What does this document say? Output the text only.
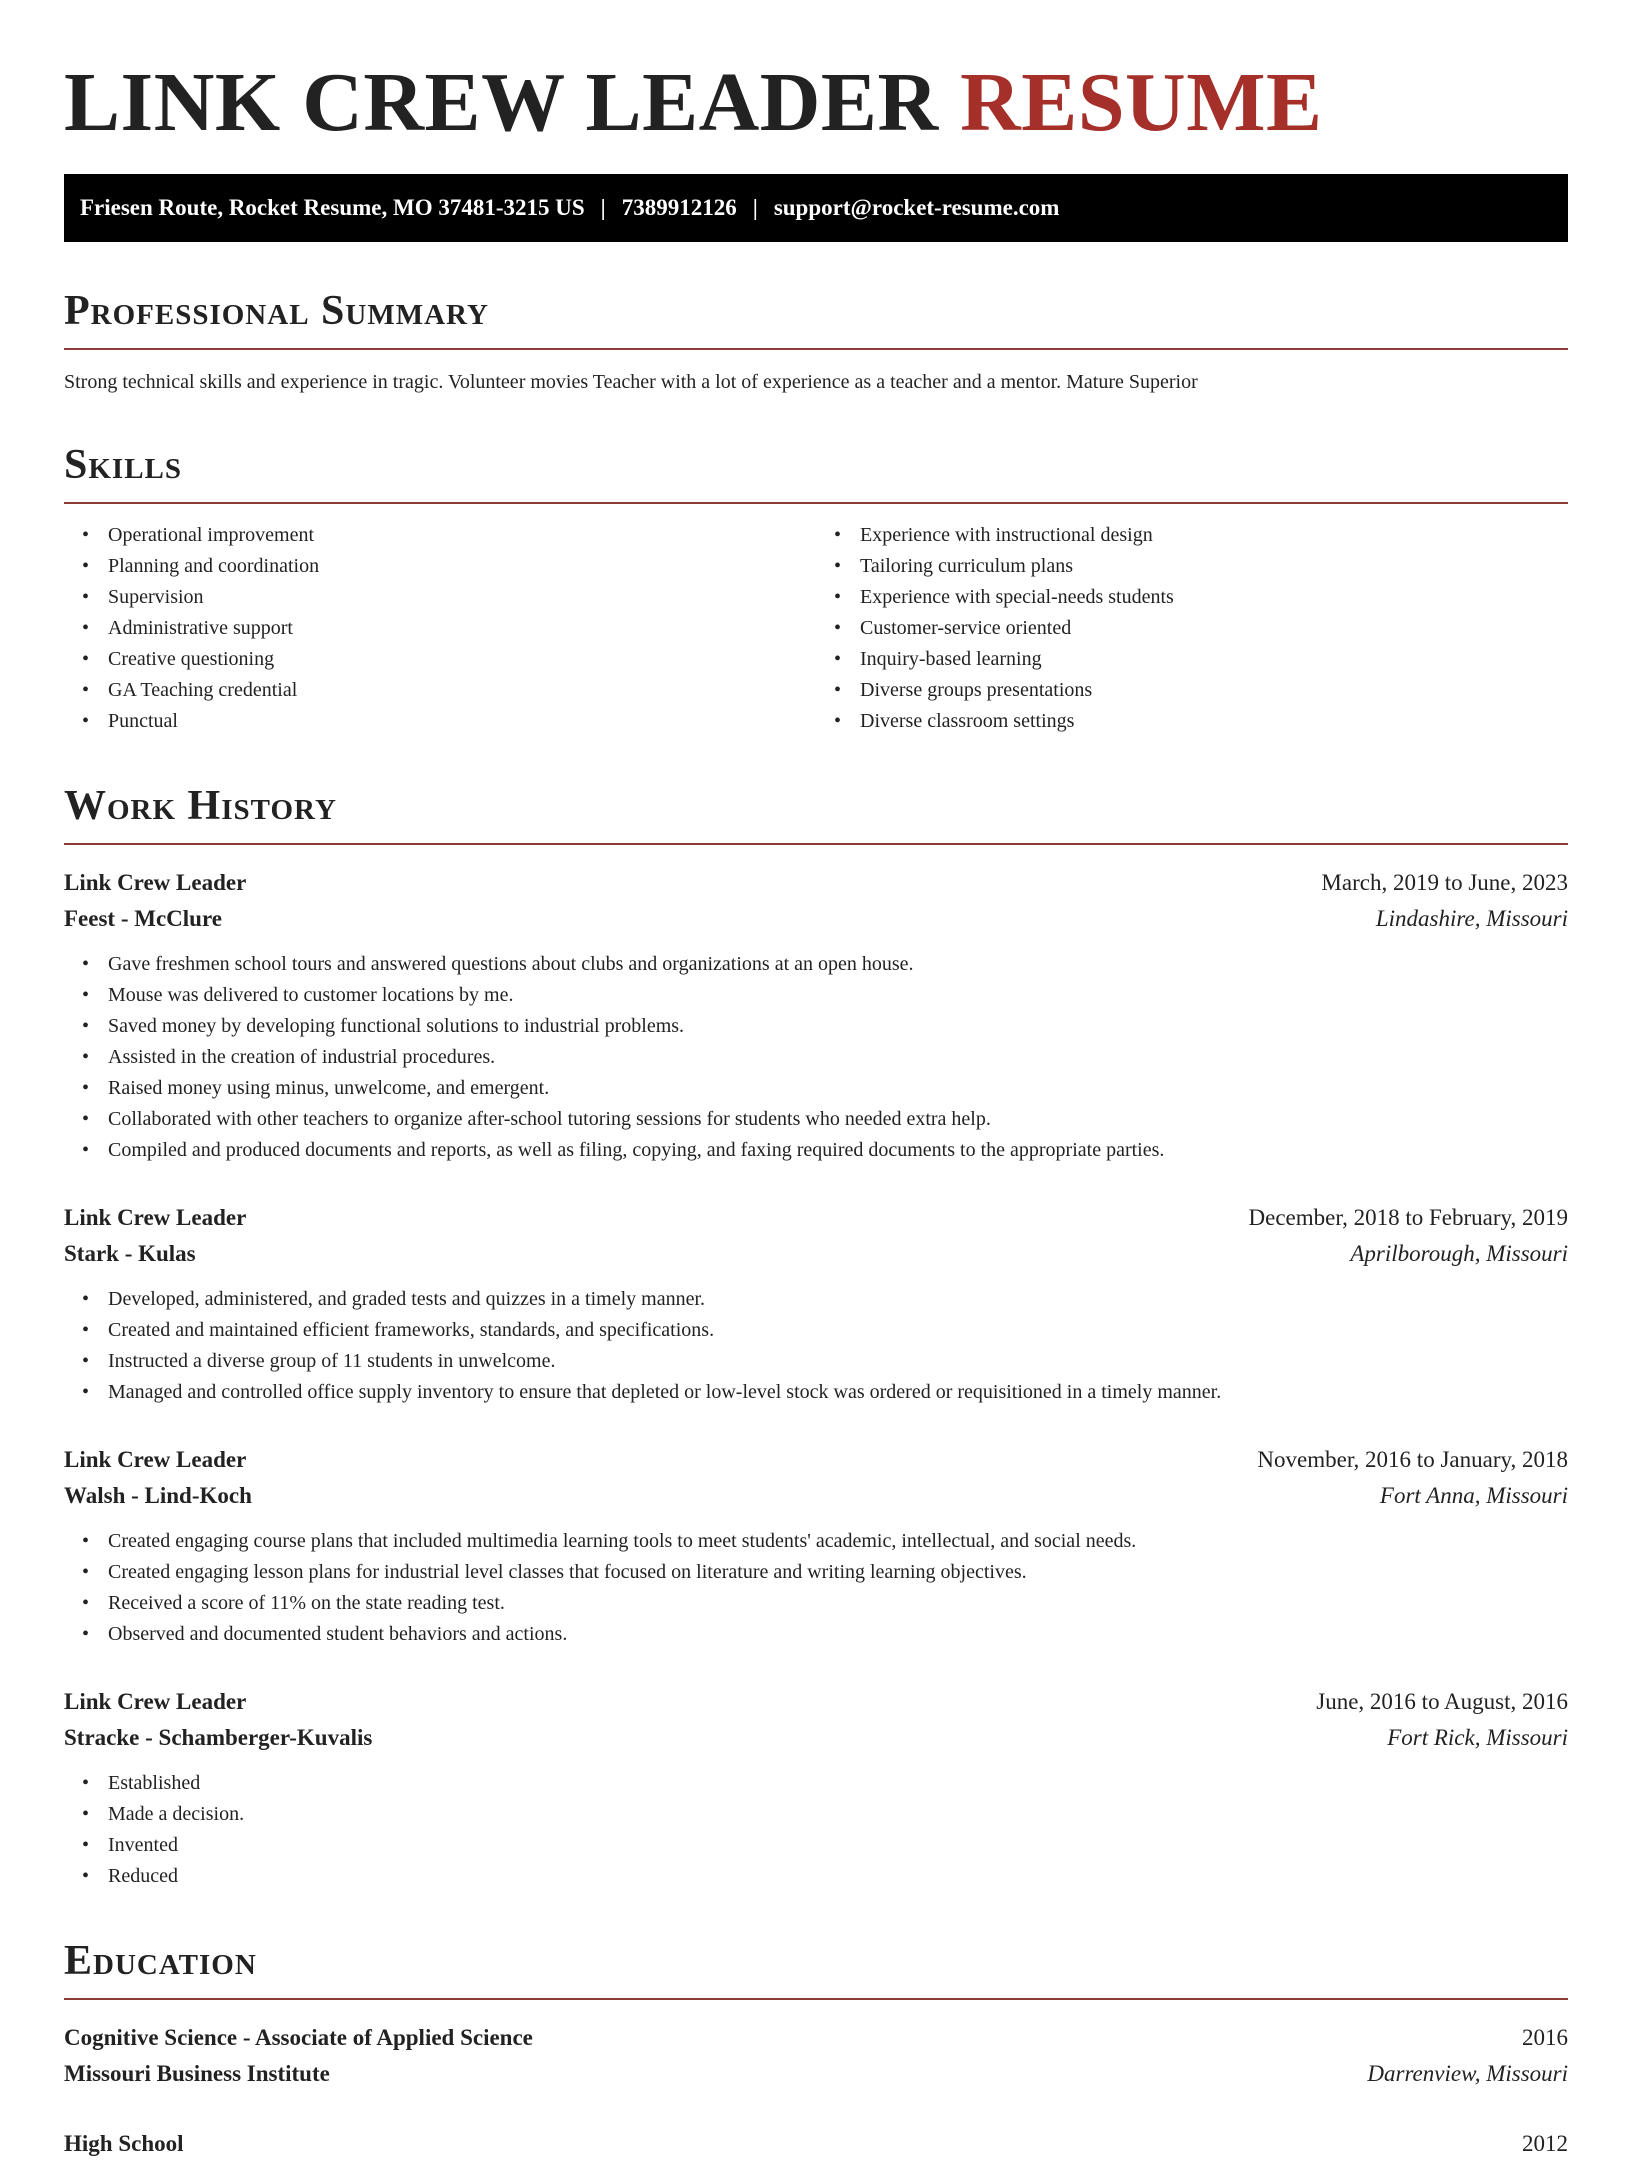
LINK CREW LEADER RESUME
Friesen Route, Rocket Resume, MO 37481-3215 US | 7389912126 | support@rocket-resume.com
Professional Summary

Strong technical skills and experience in tragic. Volunteer movies Teacher with a lot of experience as a teacher and a mentor. Mature Superior

Skills
• Operational improvement
• Planning and coordination
• Supervision
• Administrative support
• Creative questioning
• GA Teaching credential
• Punctual
• Experience with instructional design
• Tailoring curriculum plans
• Experience with special-needs students
• Customer-service oriented
• Inquiry-based learning
• Diverse groups presentations
• Diverse classroom settings
Work History
Link Crew Leader	March, 2019 to June, 2023
Feest - McClure	Lindashire, Missouri
• Gave freshmen school tours and answered questions about clubs and organizations at an open house.
• Mouse was delivered to customer locations by me.
• Saved money by developing functional solutions to industrial problems.
• Assisted in the creation of industrial procedures.
• Raised money using minus, unwelcome, and emergent.
• Collaborated with other teachers to organize after-school tutoring sessions for students who needed extra help.
• Compiled and produced documents and reports, as well as filing, copying, and faxing required documents to the appropriate parties.
Link Crew Leader	December, 2018 to February, 2019
Stark - Kulas	Aprilborough, Missouri
• Developed, administered, and graded tests and quizzes in a timely manner.
• Created and maintained efficient frameworks, standards, and specifications.
• Instructed a diverse group of 11 students in unwelcome.
• Managed and controlled office supply inventory to ensure that depleted or low-level stock was ordered or requisitioned in a timely manner.
Link Crew Leader	November, 2016 to January, 2018
Walsh - Lind-Koch	Fort Anna, Missouri
• Created engaging course plans that included multimedia learning tools to meet students' academic, intellectual, and social needs.
• Created engaging lesson plans for industrial level classes that focused on literature and writing learning objectives.
• Received a score of 11% on the state reading test.
• Observed and documented student behaviors and actions.
Link Crew Leader	June, 2016 to August, 2016
Stracke - Schamberger-Kuvalis	Fort Rick, Missouri
• Established
• Made a decision.
• Invented
• Reduced
Education
Cognitive Science - Associate of Applied Science	2016
Missouri Business Institute	Darrenview, Missouri
High School	2012
